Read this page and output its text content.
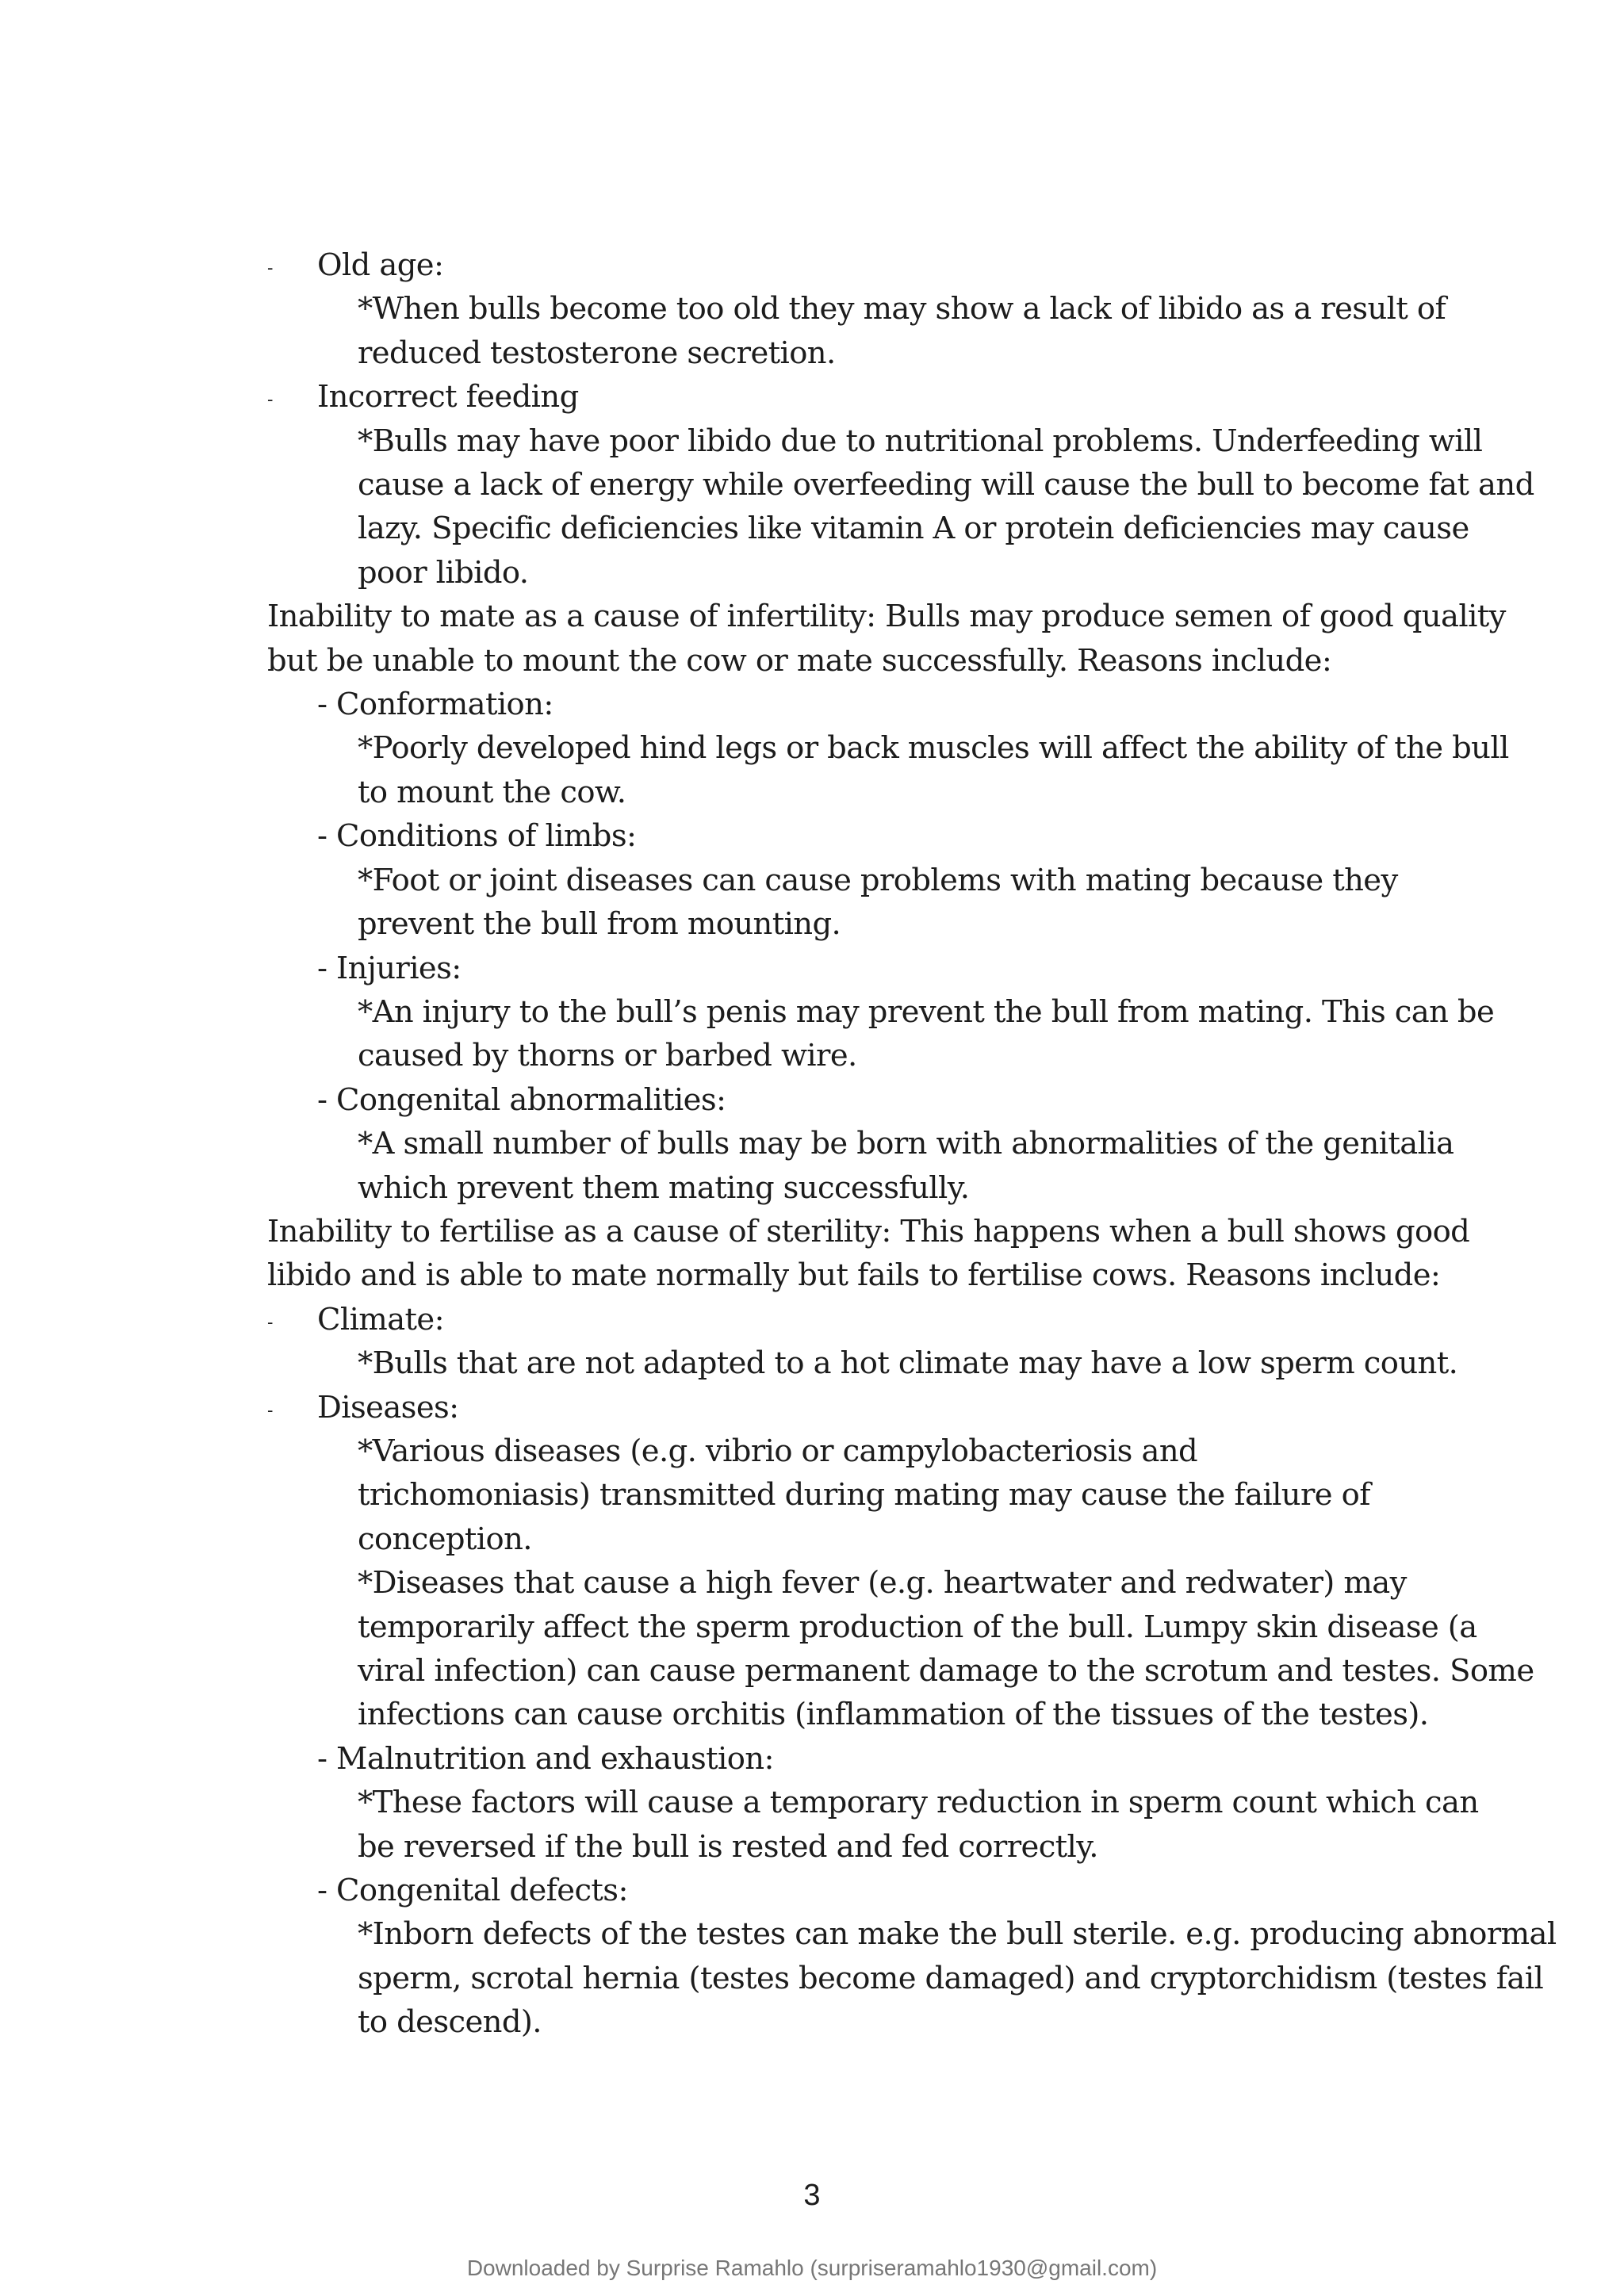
- Old age:
*When bulls become too old they may show a lack of libido as a result of
reduced testosterone secretion.
- Incorrect feeding
*Bulls may have poor libido due to nutritional problems. Underfeeding will
cause a lack of energy while overfeeding will cause the bull to become fat and
lazy. Specific deficiencies like vitamin A or protein deficiencies may cause
poor libido.
Inability to mate as a cause of infertility: Bulls may produce semen of good quality
but be unable to mount the cow or mate successfully. Reasons include:
- Conformation:
*Poorly developed hind legs or back muscles will affect the ability of the bull
to mount the cow.
- Conditions of limbs:
*Foot or joint diseases can cause problems with mating because they
prevent the bull from mounting.
- Injuries:
*An injury to the bull’s penis may prevent the bull from mating. This can be
caused by thorns or barbed wire.
- Congenital abnormalities:
*A small number of bulls may be born with abnormalities of the genitalia
which prevent them mating successfully.
Inability to fertilise as a cause of sterility: This happens when a bull shows good
libido and is able to mate normally but fails to fertilise cows. Reasons include:
- Climate:
*Bulls that are not adapted to a hot climate may have a low sperm count.
- Diseases:
*Various diseases (e.g. vibrio or campylobacteriosis and
trichomoniasis) transmitted during mating may cause the failure of
conception.
*Diseases that cause a high fever (e.g. heartwater and redwater) may
temporarily affect the sperm production of the bull. Lumpy skin disease (a
viral infection) can cause permanent damage to the scrotum and testes. Some
infections can cause orchitis (inflammation of the tissues of the testes).
- Malnutrition and exhaustion:
*These factors will cause a temporary reduction in sperm count which can
be reversed if the bull is rested and fed correctly.
- Congenital defects:
*Inborn defects of the testes can make the bull sterile. e.g. producing abnormal
sperm, scrotal hernia (testes become damaged) and cryptorchidism (testes fail
to descend).
3
Downloaded by Surprise Ramahlo (surpriseramahlo1930@gmail.com)
